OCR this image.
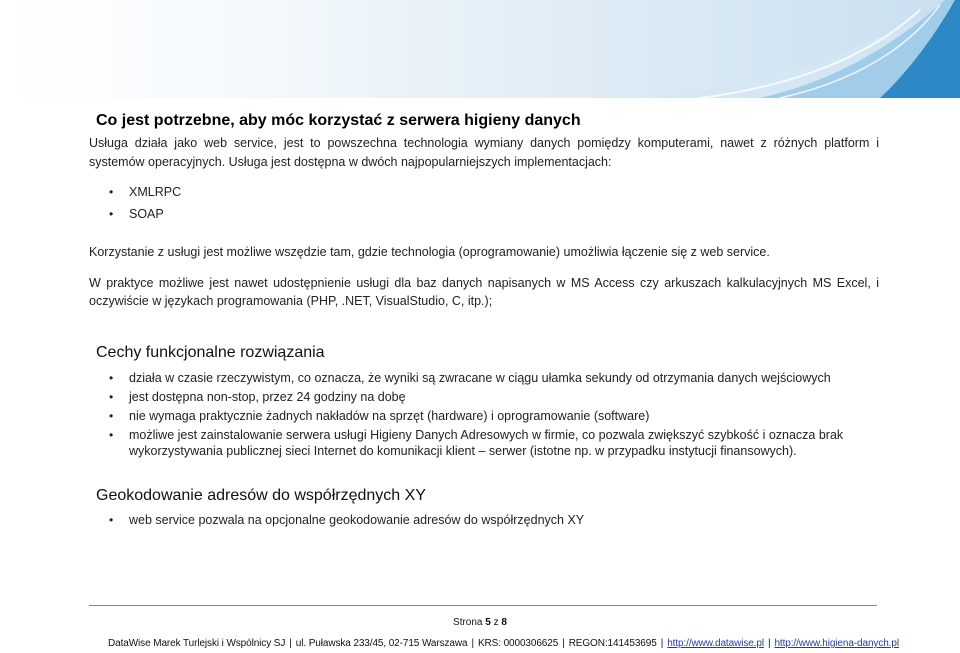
Co jest potrzebne, aby móc korzystać z serwera higieny danych

Usługa działa jako web service, jest to powszechna technologia wymiany danych pomiędzy komputerami, nawet z różnych platform i systemów operacyjnych. Usługa jest dostępna w dwóch najpopularniejszych implementacjach:

• XMLRPC
• SOAP

Korzystanie z usługi jest możliwe wszędzie tam, gdzie technologia (oprogramowanie) umożliwia łączenie się z web service.

W praktyce możliwe jest nawet udostępnienie usługi dla baz danych napisanych w MS Access czy arkuszach kalkulacyjnych MS Excel, i oczywiście w językach programowania (PHP, .NET, VisualStudio, C, itp.);

Cechy funkcjonalne rozwiązania
• działa w czasie rzeczywistym, co oznacza, że wyniki są zwracane w ciągu ułamka sekundy od otrzymania danych wejściowych
• jest dostępna non-stop, przez 24 godziny na dobę
• nie wymaga praktycznie żadnych nakładów na sprzęt (hardware) i oprogramowanie (software)
• możliwe jest zainstalowanie serwera usługi Higieny Danych Adresowych w firmie, co pozwala zwiększyć szybkość i oznacza brak wykorzystywania publicznej sieci Internet do komunikacji klient – serwer (istotne np. w przypadku instytucji finansowych).
Geokodowanie adresów do współrzędnych XY
• web service pozwala na opcjonalne geokodowanie adresów do współrzędnych XY
Strona 5 z 8
DataWise Marek Turlejski i Wspólnicy SJ | ul. Puławska 233/45, 02-715 Warszawa | KRS: 0000306625 | REGON:141453695 | http://www.datawise.pl | http://www.higiena-danych.pl
